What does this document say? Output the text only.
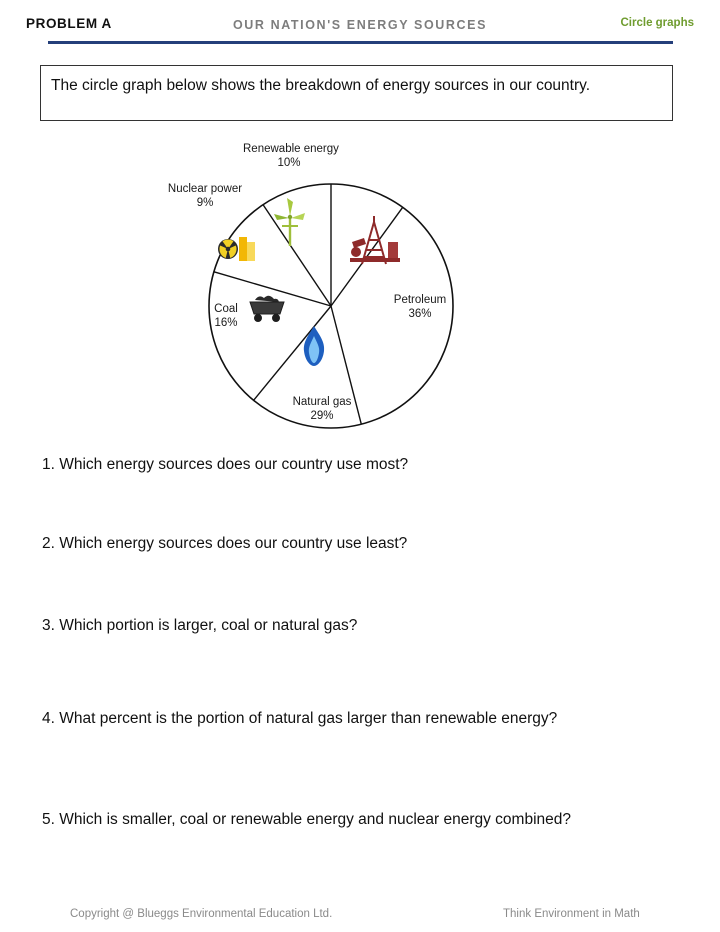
PROBLEM A	OUR NATION'S ENERGY SOURCES	Circle graphs
The circle graph below shows the breakdown of energy sources in our country.
Renewable energy
10%
Nuclear power
9%
Coal
16%
Natural gas
29%
Petroleum
36%
1. Which energy sources does our country use most?
2. Which energy sources does our country use least?
3. Which portion is larger, coal or natural gas?
4. What percent is the portion of natural gas larger than renewable energy?
5. Which is smaller, coal or renewable energy and nuclear energy combined?
Copyright @ Blueggs Environmental Education Ltd.	Think Environment in Math
